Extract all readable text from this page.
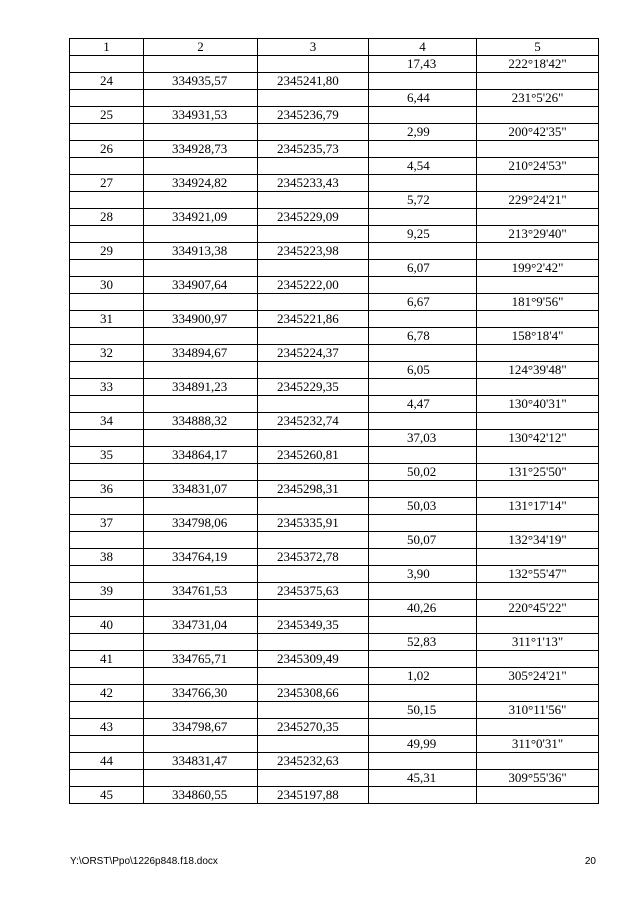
1	2	3	4	5
			17,43	222°18'42"
24	334935,57	2345241,80		
			6,44	231°5'26"
25	334931,53	2345236,79		
			2,99	200°42'35"
26	334928,73	2345235,73		
			4,54	210°24'53"
27	334924,82	2345233,43		
			5,72	229°24'21"
28	334921,09	2345229,09		
			9,25	213°29'40"
29	334913,38	2345223,98		
			6,07	199°2'42"
30	334907,64	2345222,00		
			6,67	181°9'56"
31	334900,97	2345221,86		
			6,78	158°18'4"
32	334894,67	2345224,37		
			6,05	124°39'48"
33	334891,23	2345229,35		
			4,47	130°40'31"
34	334888,32	2345232,74		
			37,03	130°42'12"
35	334864,17	2345260,81		
			50,02	131°25'50"
36	334831,07	2345298,31		
			50,03	131°17'14"
37	334798,06	2345335,91		
			50,07	132°34'19"
38	334764,19	2345372,78		
			3,90	132°55'47"
39	334761,53	2345375,63		
			40,26	220°45'22"
40	334731,04	2345349,35		
			52,83	311°1'13"
41	334765,71	2345309,49		
			1,02	305°24'21"
42	334766,30	2345308,66		
			50,15	310°11'56"
43	334798,67	2345270,35		
			49,99	311°0'31"
44	334831,47	2345232,63		
			45,31	309°55'36"
45	334860,55	2345197,88		
Y:\ORST\Ppo\1226p848.f18.docx	20
